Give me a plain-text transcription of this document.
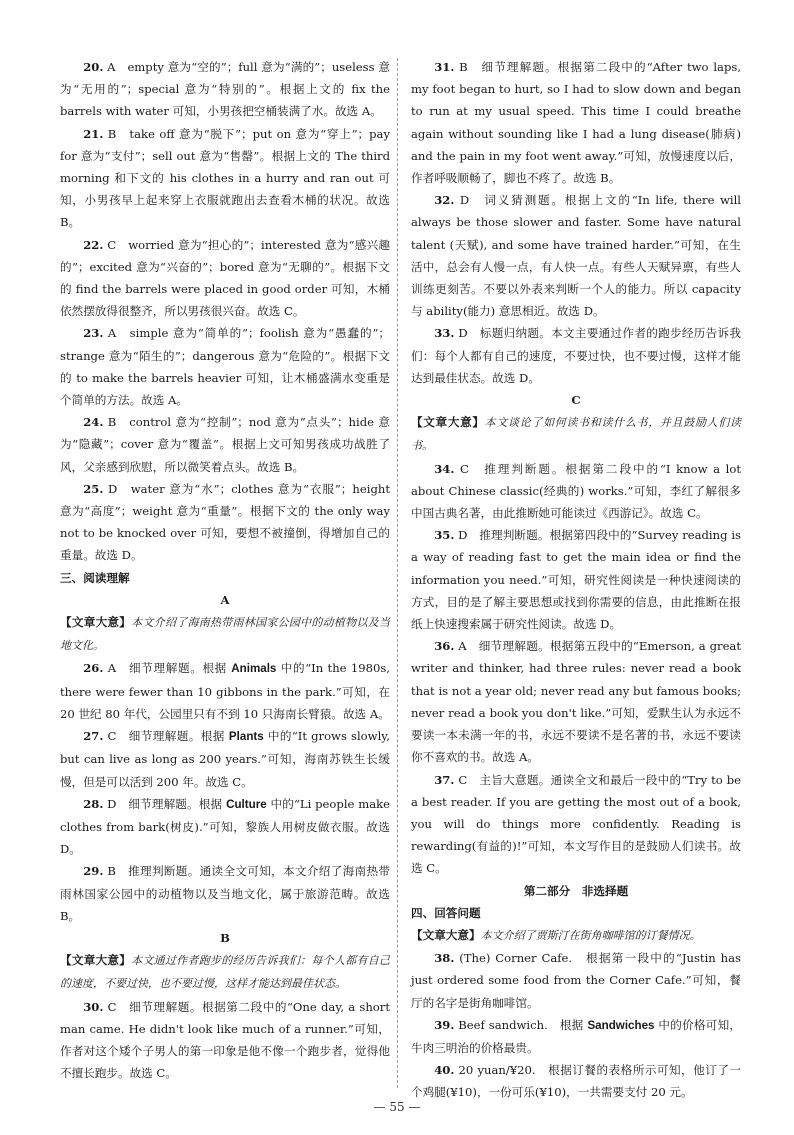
20. A　empty 意为“空的”；full 意为“满的”；useless 意为“无用的”；special 意为“特别的”。根据上文的 fix the barrels with water 可知，小男孩把空桶装满了水。故选 A。

21. B　take off 意为“脱下”；put on 意为“穿上”；pay for 意为“支付”；sell out 意为“售罄”。根据上文的 The third morning 和下文的 his clothes in a hurry and ran out 可知，小男孩早上起来穿上衣服就跑出去查看木桶的状况。故选 B。

22. C　worried 意为“担心的”；interested 意为“感兴趣的”；excited 意为“兴奋的”；bored 意为“无聊的”。根据下文的 find the barrels were placed in good order 可知，木桶依然摆放得很整齐，所以男孩很兴奋。故选 C。

23. A　simple 意为“简单的”；foolish 意为“愚蠢的”；strange 意为“陌生的”；dangerous 意为“危险的”。根据下文的 to make the barrels heavier 可知，让木桶盛满水变重是个简单的方法。故选 A。

24. B　control 意为“控制”；nod 意为“点头”；hide 意为“隐藏”；cover 意为“覆盖”。根据上文可知男孩成功战胜了风，父亲感到欣慰，所以微笑着点头。故选 B。

25. D　water 意为“水”；clothes 意为“衣服”；height 意为“高度”；weight 意为“重量”。根据下文的 the only way not to be knocked over 可知，要想不被撞倒，得增加自己的重量。故选 D。

三、阅读理解

A

【文章大意】本文介绍了海南热带雨林国家公园中的动植物以及当地文化。

26. A　细节理解题。根据 Animals 中的“In the 1980s, there were fewer than 10 gibbons in the park.”可知，在 20 世纪 80 年代，公园里只有不到 10 只海南长臂猿。故选 A。

27. C　细节理解题。根据 Plants 中的“It grows slowly, but can live as long as 200 years.”可知，海南苏铁生长缓慢，但是可以活到 200 年。故选 C。

28. D　细节理解题。根据 Culture 中的“Li people make clothes from bark(树皮).”可知，黎族人用树皮做衣服。故选 D。

29. B　推理判断题。通读全文可知，本文介绍了海南热带雨林国家公园中的动植物以及当地文化，属于旅游范畴。故选 B。

B

【文章大意】本文通过作者跑步的经历告诉我们：每个人都有自己的速度，不要过快，也不要过慢，这样才能达到最佳状态。

30. C　细节理解题。根据第二段中的“One day, a short man came. He didn't look like much of a runner.”可知，作者对这个矮个子男人的第一印象是他不像一个跑步者，觉得他不擅长跑步。故选 C。

31. B　细节理解题。根据第二段中的“After two laps, my foot began to hurt, so I had to slow down and began to run at my usual speed. This time I could breathe again without sounding like I had a lung disease(肺病) and the pain in my foot went away.”可知，放慢速度以后，作者呼吸顺畅了，脚也不疼了。故选 B。

32. D　词义猜测题。根据上文的“In life, there will always be those slower and faster. Some have natural talent (天赋), and some have trained harder.”可知，在生活中，总会有人慢一点，有人快一点。有些人天赋异禀，有些人训练更刻苦。不要以外表来判断一个人的能力。所以 capacity 与 ability(能力) 意思相近。故选 D。

33. D　标题归纳题。本文主要通过作者的跑步经历告诉我们：每个人都有自己的速度，不要过快，也不要过慢，这样才能达到最佳状态。故选 D。

C

【文章大意】本文谈论了如何读书和读什么书，并且鼓励人们读书。

34. C　推理判断题。根据第二段中的“I know a lot about Chinese classic(经典的) works.”可知，李红了解很多中国古典名著，由此推断她可能读过《西游记》。故选 C。

35. D　推理判断题。根据第四段中的“Survey reading is a way of reading fast to get the main idea or find the information you need.”可知，研究性阅读是一种快速阅读的方式，目的是了解主要思想或找到你需要的信息，由此推断在报纸上快速搜索属于研究性阅读。故选 D。

36. A　细节理解题。根据第五段中的“Emerson, a great writer and thinker, had three rules: never read a book that is not a year old; never read any but famous books; never read a book you don't like.”可知，爱默生认为永远不要读一本未满一年的书，永远不要读不是名著的书，永远不要读你不喜欢的书。故选 A。

37. C　主旨大意题。通读全文和最后一段中的“Try to be a best reader. If you are getting the most out of a book, you will do things more confidently. Reading is rewarding(有益的)!”可知，本文写作目的是鼓励人们读书。故选 C。

第二部分　非选择题

四、回答问题

【文章大意】本文介绍了贾斯汀在街角咖啡馆的订餐情况。

38. (The) Corner Cafe.　根据第一段中的“Justin has just ordered some food from the Corner Cafe.”可知，餐厅的名字是街角咖啡馆。

39. Beef sandwich.　根据 Sandwiches 中的价格可知，牛肉三明治的价格最贵。

40. 20 yuan/¥20.　根据订餐的表格所示可知，他订了一个鸡腿(¥10)，一份可乐(¥10)，一共需要支付 20 元。

— 55 —
